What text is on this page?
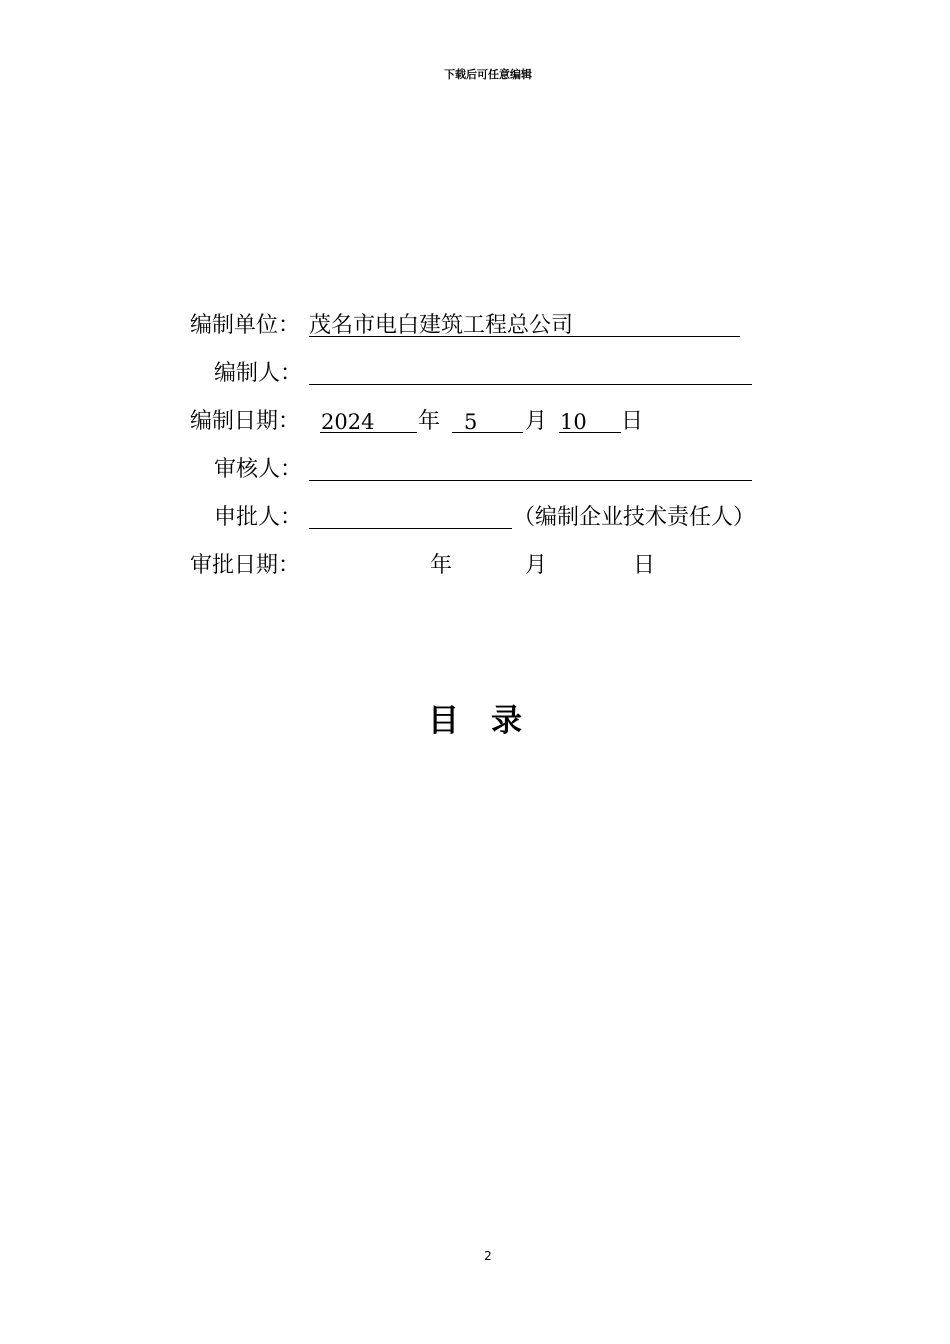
下载后可任意编辑
编制单位： 茂名市电白建筑工程总公司
编制人：
编制日期： 2024 年 5 月 10 日
审核人：
申批人：	（编制企业技术责任人）
审批日期：	年	月	日
目录
2
